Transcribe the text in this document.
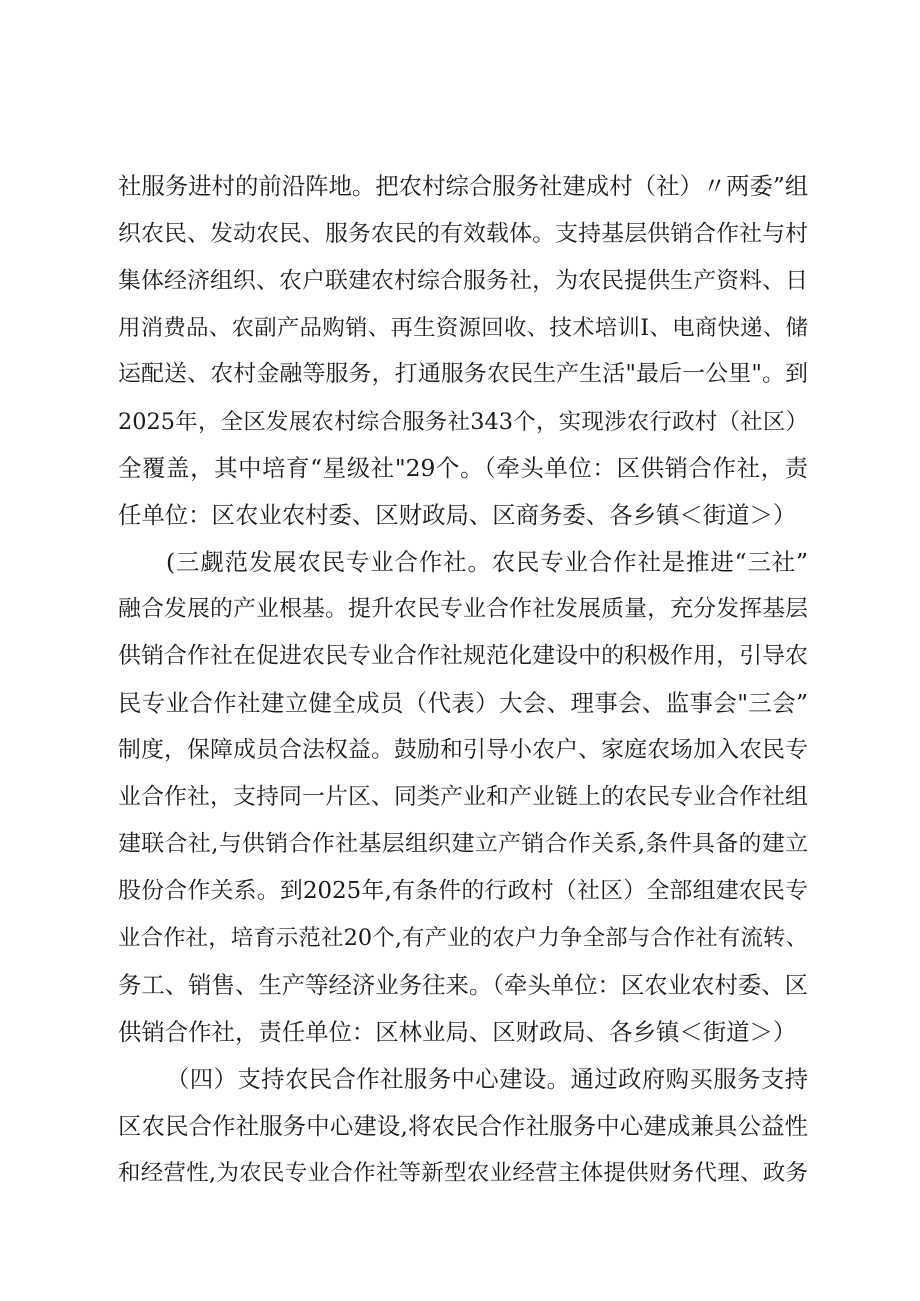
社服务进村的前沿阵地。把农村综合服务社建成村（社）〃两委”组
织农民、发动农民、服务农民的有效载体。支持基层供销合作社与村
集体经济组织、农户联建农村综合服务社，为农民提供生产资料、日
用消费品、农副产品购销、再生资源回收、技术培训I、电商快递、储
运配送、农村金融等服务，打通服务农民生产生活"最后一公里"。到
2025年，全区发展农村综合服务社343个，实现涉农行政村（社区）
全覆盖，其中培育“星级社"29个。（牵头单位：区供销合作社，责
任单位：区农业农村委、区财政局、区商务委、各乡镇＜街道＞）
(三觑范发展农民专业合作社。农民专业合作社是推进“三社”
融合发展的产业根基。提升农民专业合作社发展质量，充分发挥基层
供销合作社在促进农民专业合作社规范化建设中的积极作用，引导农
民专业合作社建立健全成员（代表）大会、理事会、监事会"三会”
制度，保障成员合法权益。鼓励和引导小农户、家庭农场加入农民专
业合作社，支持同一片区、同类产业和产业链上的农民专业合作社组
建联合社,与供销合作社基层组织建立产销合作关系,条件具备的建立
股份合作关系。到2025年,有条件的行政村（社区）全部组建农民专
业合作社，培育示范社20个,有产业的农户力争全部与合作社有流转、
务工、销售、生产等经济业务往来。（牵头单位：区农业农村委、区
供销合作社，责任单位：区林业局、区财政局、各乡镇＜街道＞）
（四）支持农民合作社服务中心建设。通过政府购买服务支持
区农民合作社服务中心建设,将农民合作社服务中心建成兼具公益性
和经营性,为农民专业合作社等新型农业经营主体提供财务代理、政务
